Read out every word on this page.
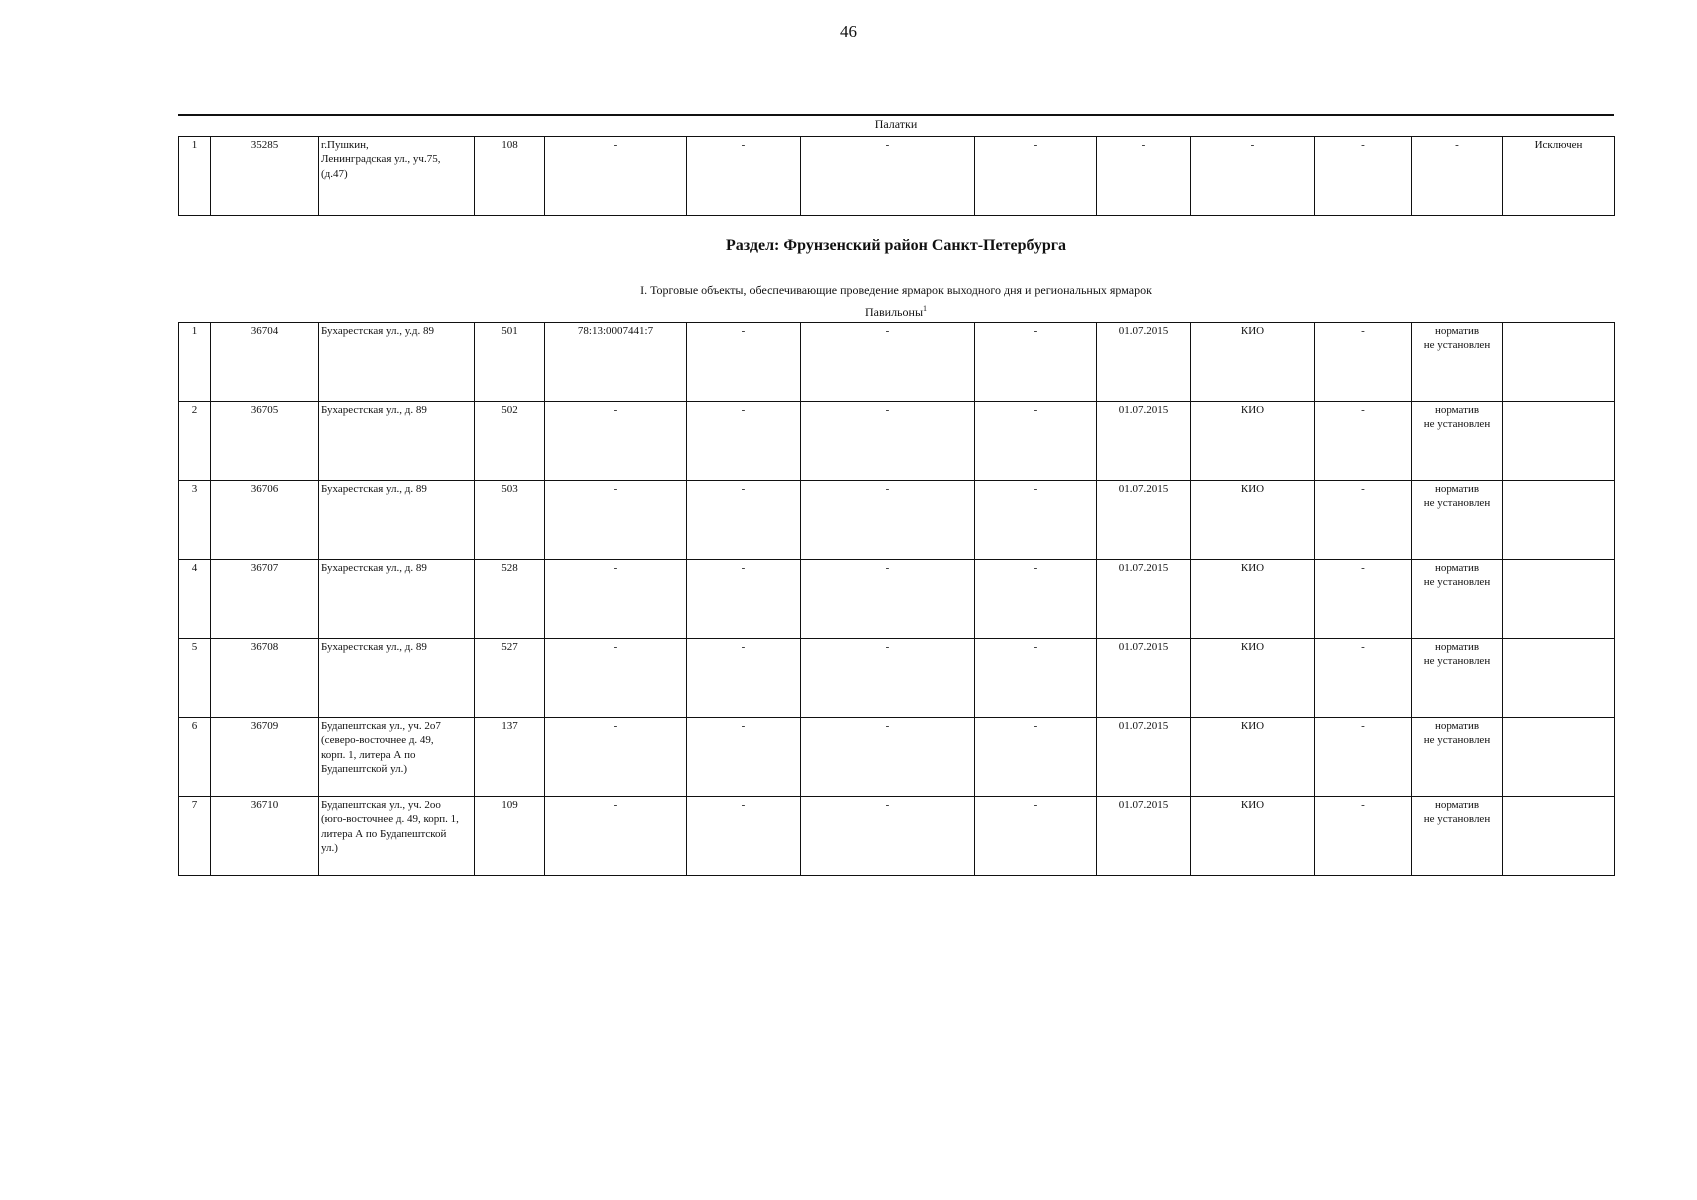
46
Палатки
1	35285	г.Пушкин,
Ленинградская ул., уч.75,
(д.47)	108	-	-	-	-	-	-	-	-	Исключен
Раздел: Фрунзенский район Санкт-Петербурга
I. Торговые объекты, обеспечивающие проведение ярмарок выходного дня и региональных ярмарок
Павильоны$^1$
1	36704	Бухарестская ул., у.д. 89	501	78:13:0007441:7	-	-	-	01.07.2015	КИО	-	норматив
не установлен	
2	36705	Бухарестская ул., д. 89	502	-	-	-	-	01.07.2015	КИО	-	норматив
не установлен	
3	36706	Бухарестская ул., д. 89	503	-	-	-	-	01.07.2015	КИО	-	норматив
не установлен	
4	36707	Бухарестская ул., д. 89	528	-	-	-	-	01.07.2015	КИО	-	норматив
не установлен	
5	36708	Бухарестская ул., д. 89	527	-	-	-	-	01.07.2015	КИО	-	норматив
не установлен	
6	36709	Будапештская ул., уч. 2о7
(северо-восточнее д. 49,
корп. 1, литера А по
Будапештской ул.)	137	-	-	-	-	01.07.2015	КИО	-	норматив
не установлен	
7	36710	Будапештская ул., уч. 2оо
(юго-восточнее д. 49, корп. 1,
литера А по Будапештской
ул.)	109	-	-	-	-	01.07.2015	КИО	-	норматив
не установлен	
